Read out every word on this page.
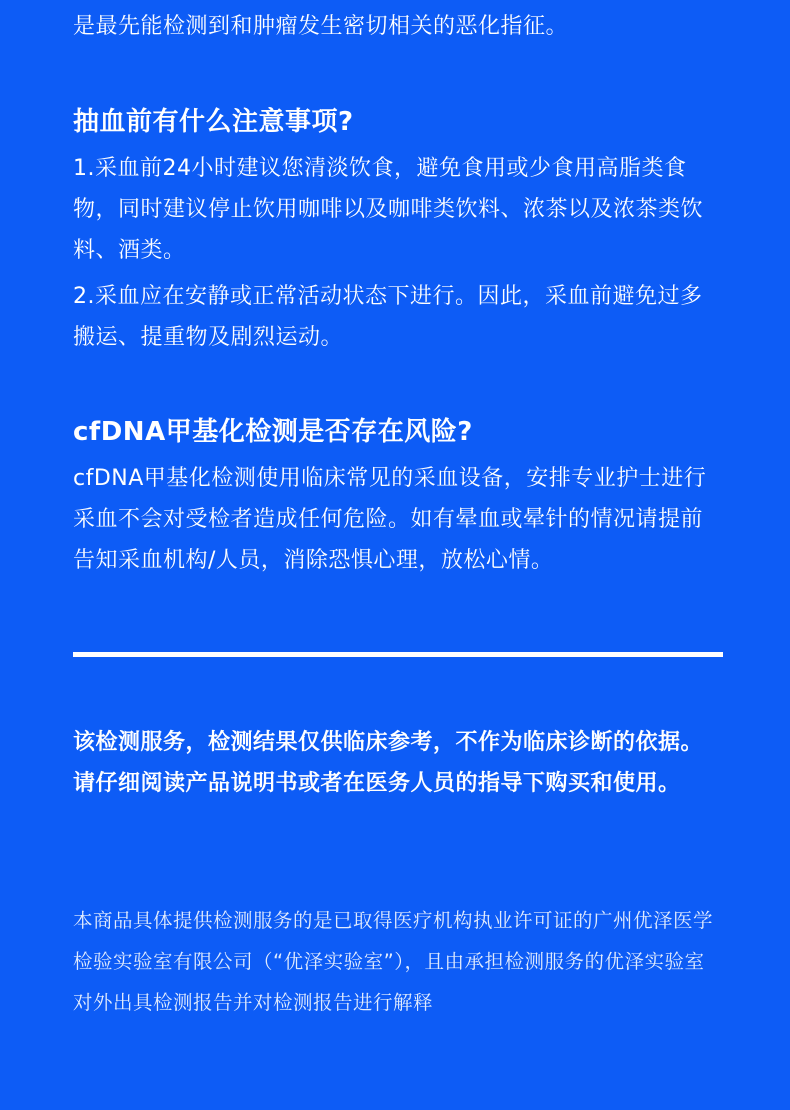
是最先能检测到和肿瘤发生密切相关的恶化指征。

抽血前有什么注意事项?

1.采血前24小时建议您清淡饮食，避免食用或少食用高脂类食物，同时建议停止饮用咖啡以及咖啡类饮料、浓茶以及浓茶类饮料、酒类。

2.采血应在安静或正常活动状态下进行。因此，采血前避免过多搬运、提重物及剧烈运动。

cfDNA甲基化检测是否存在风险?

cfDNA甲基化检测使用临床常见的采血设备，安排专业护士进行采血不会对受检者造成任何危险。如有晕血或晕针的情况请提前告知采血机构/人员，消除恐惧心理，放松心情。

该检测服务，检测结果仅供临床参考，不作为临床诊断的依据。请仔细阅读产品说明书或者在医务人员的指导下购买和使用。

本商品具体提供检测服务的是已取得医疗机构执业许可证的广州优泽医学检验实验室有限公司（“优泽实验室”），且由承担检测服务的优泽实验室对外出具检测报告并对检测报告进行解释
